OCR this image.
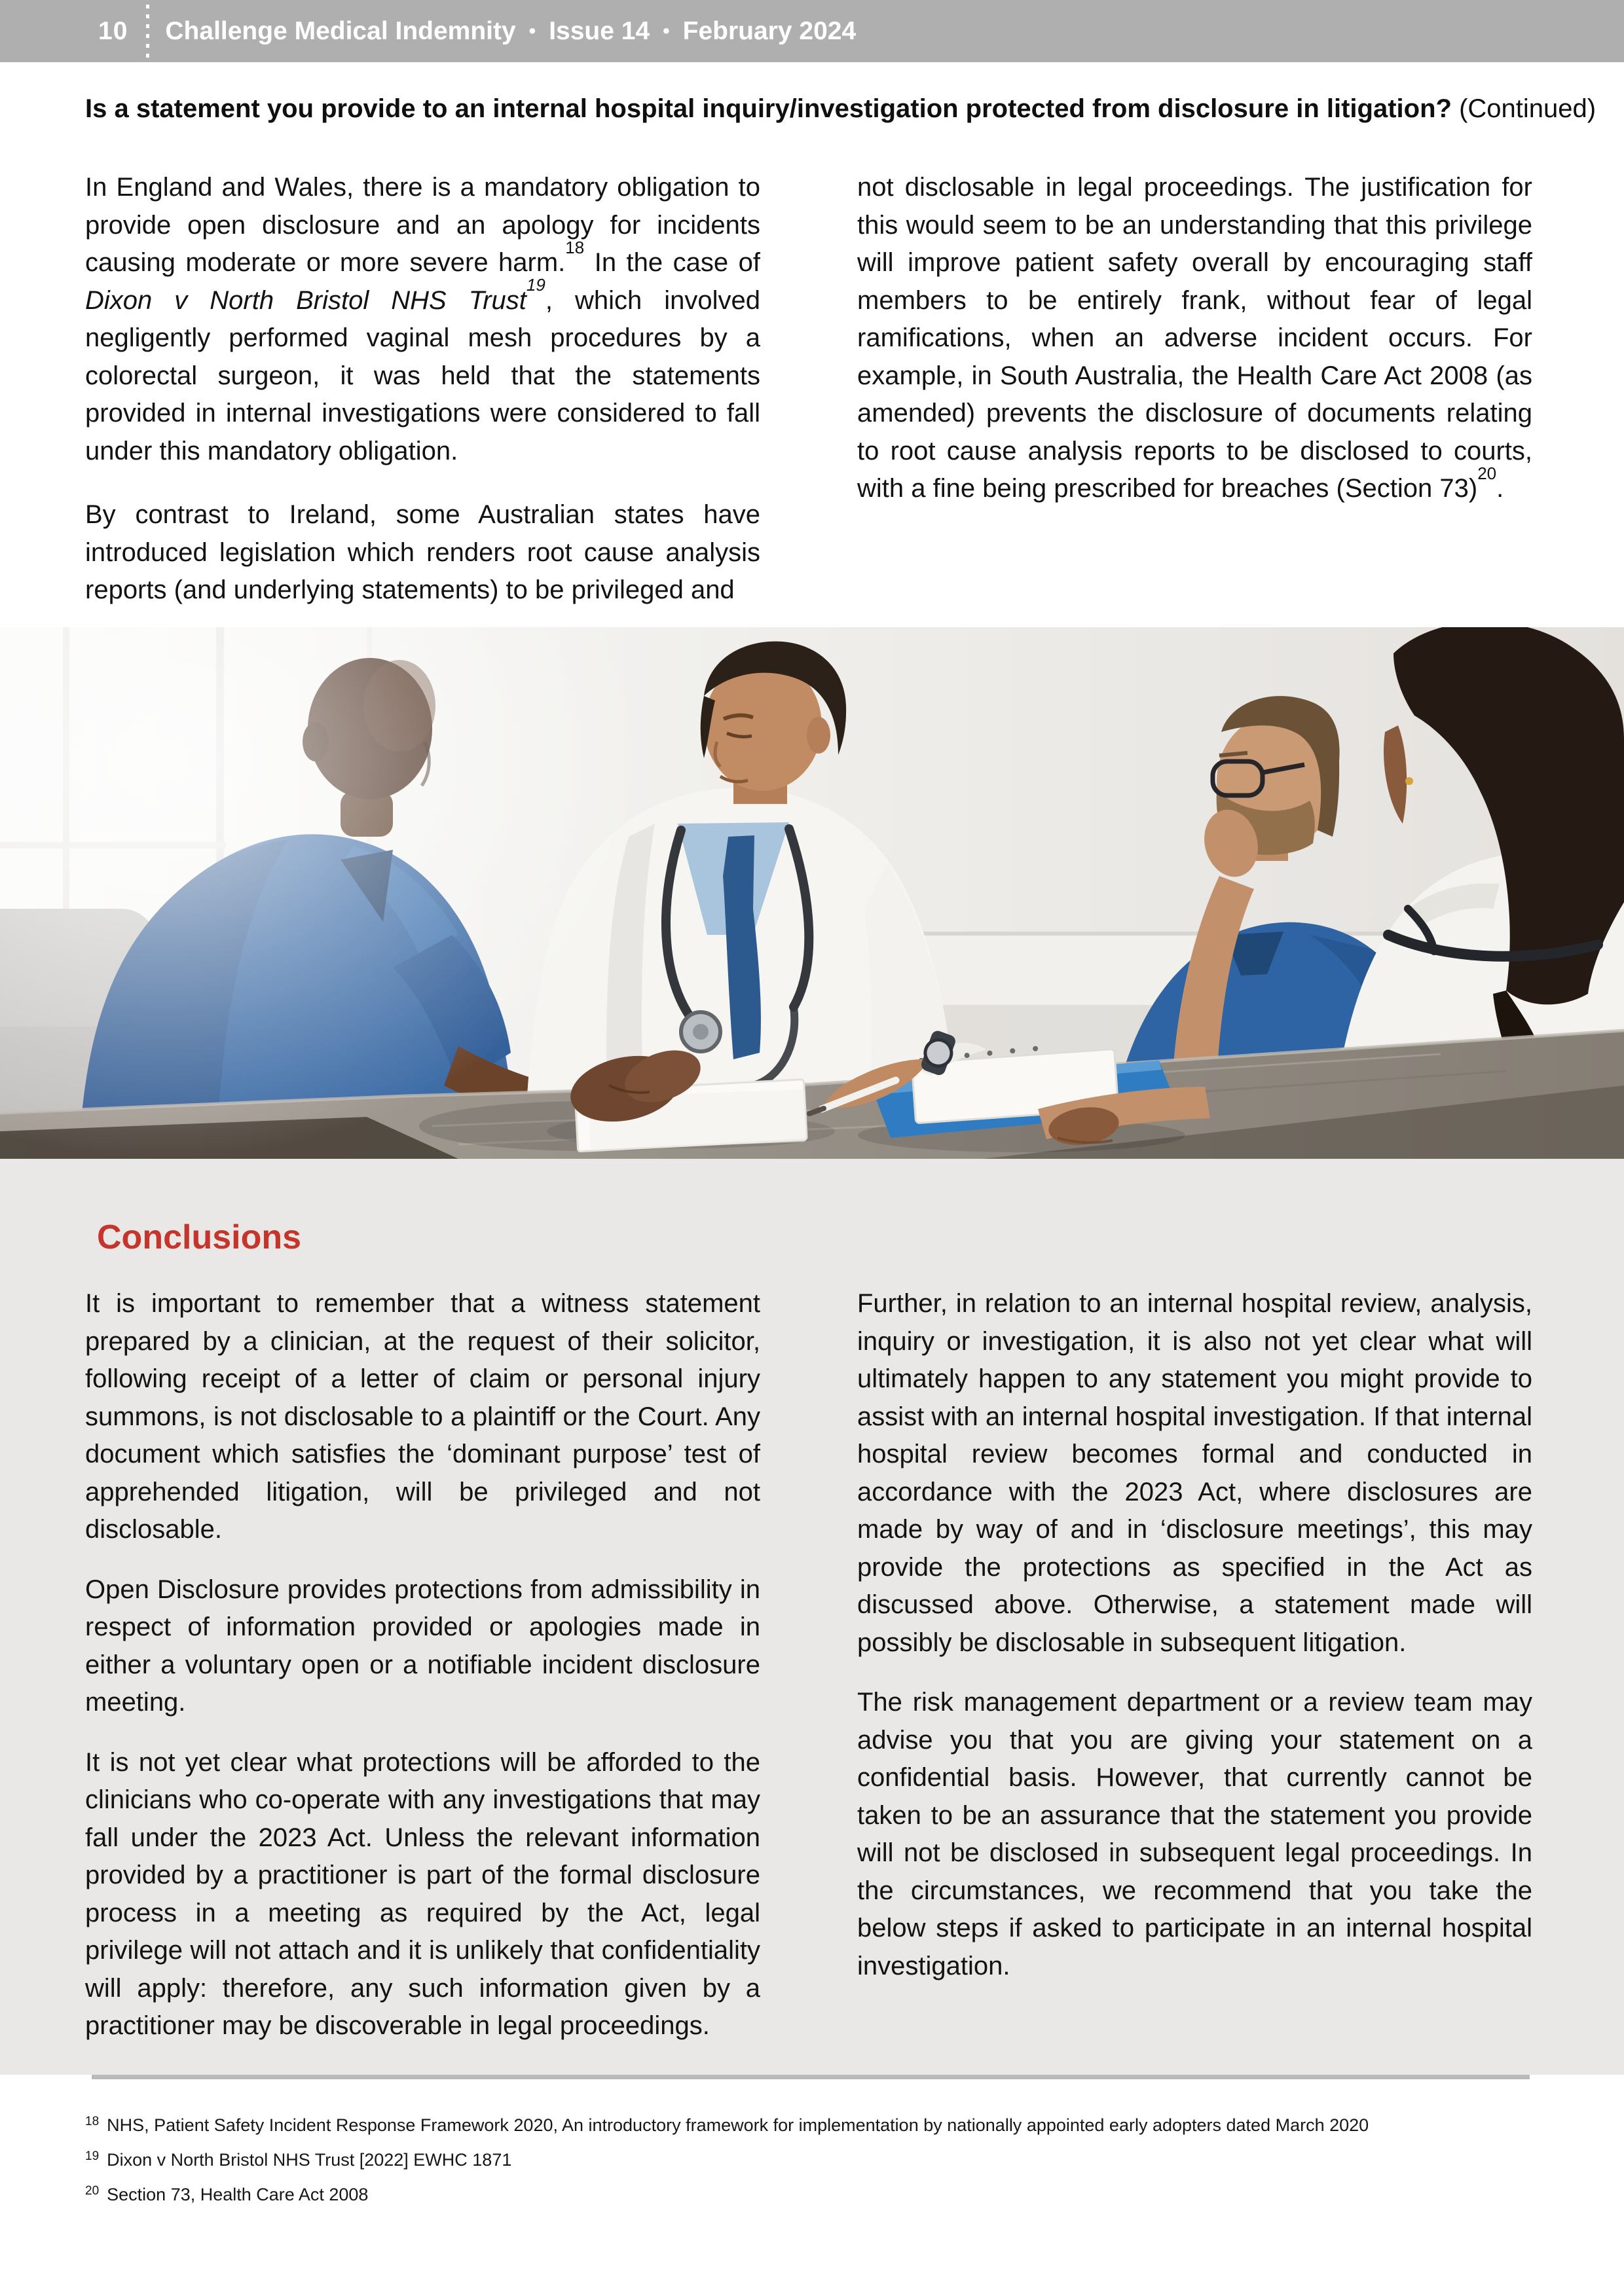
10 Challenge Medical Indemnity • Issue 14 • February 2024
Is a statement you provide to an internal hospital inquiry/investigation protected from disclosure in litigation? (Continued)

In England and Wales, there is a mandatory obligation to provide open disclosure and an apology for incidents causing moderate or more severe harm.$^{18}$ In the case of Dixon v North Bristol NHS Trust$^{19}$, which involved negligently performed vaginal mesh procedures by a colorectal surgeon, it was held that the statements provided in internal investigations were considered to fall under this mandatory obligation.

By contrast to Ireland, some Australian states have introduced legislation which renders root cause analysis reports (and underlying statements) to be privileged and

not disclosable in legal proceedings. The justification for this would seem to be an understanding that this privilege will improve patient safety overall by encouraging staff members to be entirely frank, without fear of legal ramifications, when an adverse incident occurs. For example, in South Australia, the Health Care Act 2008 (as amended) prevents the disclosure of documents relating to root cause analysis reports to be disclosed to courts, with a fine being prescribed for breaches (Section 73)$^{20}$.

Conclusions

It is important to remember that a witness statement prepared by a clinician, at the request of their solicitor, following receipt of a letter of claim or personal injury summons, is not disclosable to a plaintiff or the Court. Any document which satisfies the ‘dominant purpose’ test of apprehended litigation, will be privileged and not disclosable.

Open Disclosure provides protections from admissibility in respect of information provided or apologies made in either a voluntary open or a notifiable incident disclosure meeting.

It is not yet clear what protections will be afforded to the clinicians who co-operate with any investigations that may fall under the 2023 Act. Unless the relevant information provided by a practitioner is part of the formal disclosure process in a meeting as required by the Act, legal privilege will not attach and it is unlikely that confidentiality will apply: therefore, any such information given by a practitioner may be discoverable in legal proceedings.

Further, in relation to an internal hospital review, analysis, inquiry or investigation, it is also not yet clear what will ultimately happen to any statement you might provide to assist with an internal hospital investigation. If that internal hospital review becomes formal and conducted in accordance with the 2023 Act, where disclosures are made by way of and in ‘disclosure meetings’, this may provide the protections as specified in the Act as discussed above. Otherwise, a statement made will possibly be disclosable in subsequent litigation.

The risk management department or a review team may advise you that you are giving your statement on a confidential basis. However, that currently cannot be taken to be an assurance that the statement you provide will not be disclosed in subsequent legal proceedings. In the circumstances, we recommend that you take the below steps if asked to participate in an internal hospital investigation.

$^{18}$ NHS, Patient Safety Incident Response Framework 2020, An introductory framework for implementation by nationally appointed early adopters dated March 2020
$^{19}$ Dixon v North Bristol NHS Trust [2022] EWHC 1871
$^{20}$ Section 73, Health Care Act 2008
